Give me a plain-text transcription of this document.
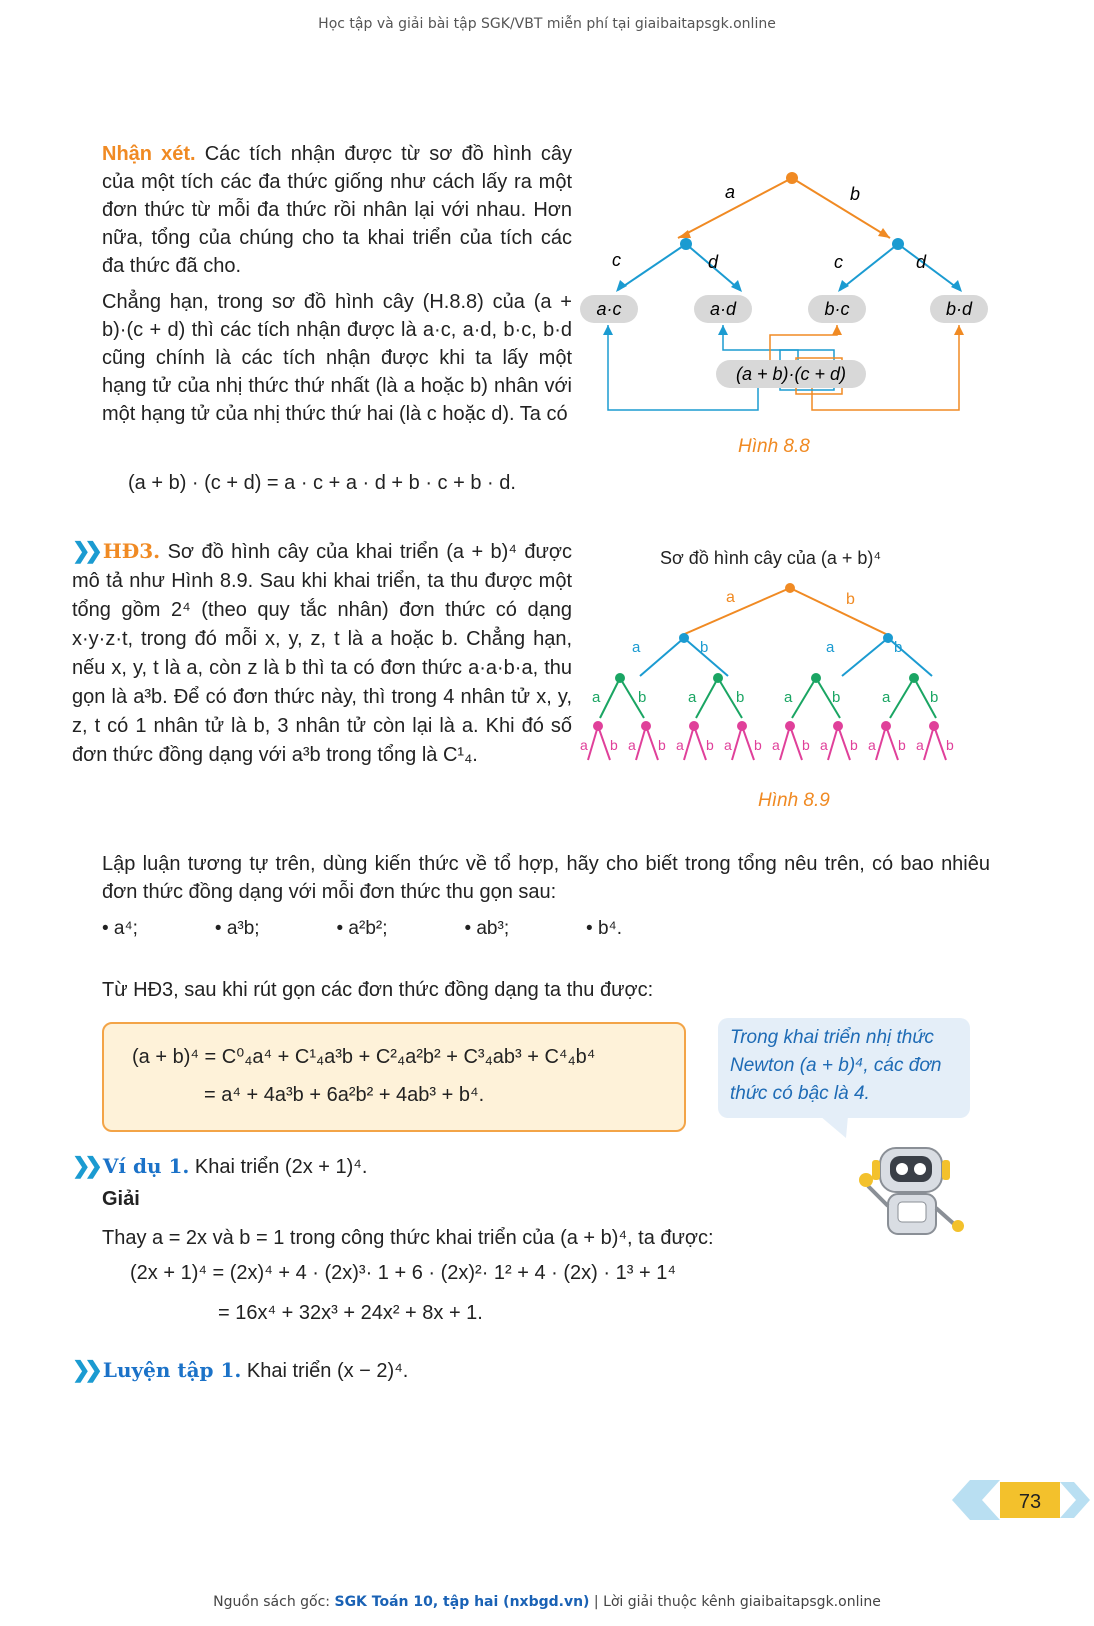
Học tập và giải bài tập SGK/VBT miễn phí tại giaibaitapsgk.online
Nhận xét. Các tích nhận được từ sơ đồ hình cây của một tích các đa thức giống như cách lấy ra một đơn thức từ mỗi đa thức rồi nhân lại với nhau. Hơn nữa, tổng của chúng cho ta khai triển của tích các đa thức đã cho.
Chẳng hạn, trong sơ đồ hình cây (H.8.8) của (a + b)·(c + d) thì các tích nhận được là a·c, a·d, b·c, b·d cũng chính là các tích nhận được khi ta lấy một hạng tử của nhị thức thứ nhất (là a hoặc b) nhân với một hạng tử của nhị thức thứ hai (là c hoặc d). Ta có
(a + b) · (c + d) = a · c + a · d + b · c + b · d.
a	b
c	d	c	d
a·c	a·d	b·c	b·d
(a + b)·(c + d)
Hình 8.8
❯❯ HĐ3. Sơ đồ hình cây của khai triển (a + b)⁴ được mô tả như Hình 8.9. Sau khi khai triển, ta thu được một tổng gồm 2⁴ (theo quy tắc nhân) đơn thức có dạng x·y·z·t, trong đó mỗi x, y, z, t là a hoặc b. Chẳng hạn, nếu x, y, t là a, còn z là b thì ta có đơn thức a·a·b·a, thu gọn là a³b. Để có đơn thức này, thì trong 4 nhân tử x, y, z, t có 1 nhân tử là b, 3 nhân tử còn lại là a. Khi đó số đơn thức đồng dạng với a³b trong tổng là C¹₄.
Sơ đồ hình cây của (a + b)⁴
a	b
a	b	a	b
a	b	a	b	a	b	a	b
a b a b a b a b a b a b a b a b
Hình 8.9
Lập luận tương tự trên, dùng kiến thức về tổ hợp, hãy cho biết trong tổng nêu trên, có bao nhiêu đơn thức đồng dạng với mỗi đơn thức thu gọn sau:
• a⁴;	• a³b;	• a²b²;	• ab³;	• b⁴.
Từ HĐ3, sau khi rút gọn các đơn thức đồng dạng ta thu được:
(a + b)⁴ = C⁰₄a⁴ + C¹₄a³b + C²₄a²b² + C³₄ab³ + C⁴₄b⁴
= a⁴ + 4a³b + 6a²b² + 4ab³ + b⁴.
Trong khai triển nhị thức Newton (a + b)⁴, các đơn thức có bậc là 4.
❯❯ Ví dụ 1. Khai triển (2x + 1)⁴.
Giải
Thay a = 2x và b = 1 trong công thức khai triển của (a + b)⁴, ta được:
(2x + 1)⁴ = (2x)⁴ + 4 · (2x)³· 1 + 6 · (2x)²· 1² + 4 · (2x) · 1³ + 1⁴
= 16x⁴ + 32x³ + 24x² + 8x + 1.
❯❯ Luyện tập 1. Khai triển (x − 2)⁴.
73
Nguồn sách gốc: SGK Toán 10, tập hai (nxbgd.vn) | Lời giải thuộc kênh giaibaitapsgk.online
